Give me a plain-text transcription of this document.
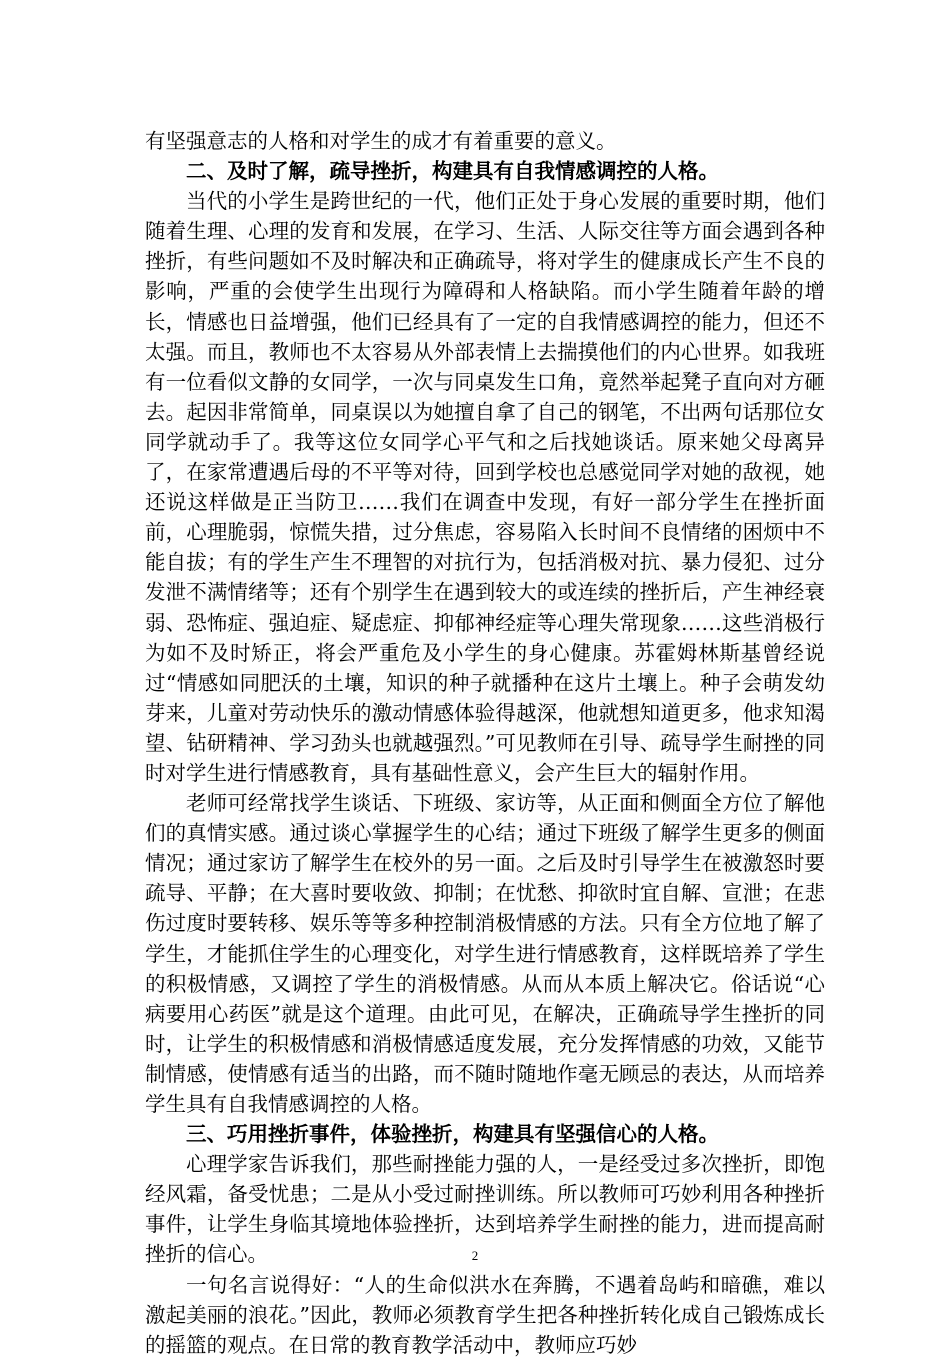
有坚强意志的人格和对学生的成才有着重要的意义。

二、及时了解，疏导挫折，构建具有自我情感调控的人格。

当代的小学生是跨世纪的一代，他们正处于身心发展的重要时期，他们随着生理、心理的发育和发展，在学习、生活、人际交往等方面会遇到各种挫折，有些问题如不及时解决和正确疏导，将对学生的健康成长产生不良的影响，严重的会使学生出现行为障碍和人格缺陷。而小学生随着年龄的增长，情感也日益增强，他们已经具有了一定的自我情感调控的能力，但还不太强。而且，教师也不太容易从外部表情上去揣摸他们的内心世界。如我班有一位看似文静的女同学，一次与同桌发生口角，竟然举起凳子直向对方砸去。起因非常简单，同桌误以为她擅自拿了自己的钢笔，不出两句话那位女同学就动手了。我等这位女同学心平气和之后找她谈话。原来她父母离异了，在家常遭遇后母的不平等对待，回到学校也总感觉同学对她的敌视，她还说这样做是正当防卫……我们在调查中发现，有好一部分学生在挫折面前，心理脆弱，惊慌失措，过分焦虑，容易陷入长时间不良情绪的困烦中不能自拔；有的学生产生不理智的对抗行为，包括消极对抗、暴力侵犯、过分发泄不满情绪等；还有个别学生在遇到较大的或连续的挫折后，产生神经衰弱、恐怖症、强迫症、疑虑症、抑郁神经症等心理失常现象……这些消极行为如不及时矫正，将会严重危及小学生的身心健康。苏霍姆林斯基曾经说过“情感如同肥沃的土壤，知识的种子就播种在这片土壤上。种子会萌发幼芽来，儿童对劳动快乐的激动情感体验得越深，他就想知道更多，他求知渴望、钻研精神、学习劲头也就越强烈。”可见教师在引导、疏导学生耐挫的同时对学生进行情感教育，具有基础性意义，会产生巨大的辐射作用。

老师可经常找学生谈话、下班级、家访等，从正面和侧面全方位了解他们的真情实感。通过谈心掌握学生的心结；通过下班级了解学生更多的侧面情况；通过家访了解学生在校外的另一面。之后及时引导学生在被激怒时要疏导、平静；在大喜时要收敛、抑制；在忧愁、抑欲时宜自解、宣泄；在悲伤过度时要转移、娱乐等等多种控制消极情感的方法。只有全方位地了解了学生，才能抓住学生的心理变化，对学生进行情感教育，这样既培养了学生的积极情感，又调控了学生的消极情感。从而从本质上解决它。俗话说“心病要用心药医”就是这个道理。由此可见，在解决，正确疏导学生挫折的同时，让学生的积极情感和消极情感适度发展，充分发挥情感的功效，又能节制情感，使情感有适当的出路，而不随时随地作毫无顾忌的表达，从而培养学生具有自我情感调控的人格。

三、巧用挫折事件，体验挫折，构建具有坚强信心的人格。

心理学家告诉我们，那些耐挫能力强的人，一是经受过多次挫折，即饱经风霜，备受忧患；二是从小受过耐挫训练。所以教师可巧妙利用各种挫折事件，让学生身临其境地体验挫折，达到培养学生耐挫的能力，进而提高耐挫折的信心。

一句名言说得好：“人的生命似洪水在奔腾，不遇着岛屿和暗礁，难以激起美丽的浪花。”因此，教师必须教育学生把各种挫折转化成自己锻炼成长的摇篮的观点。在日常的教育教学活动中，教师应巧妙

2
